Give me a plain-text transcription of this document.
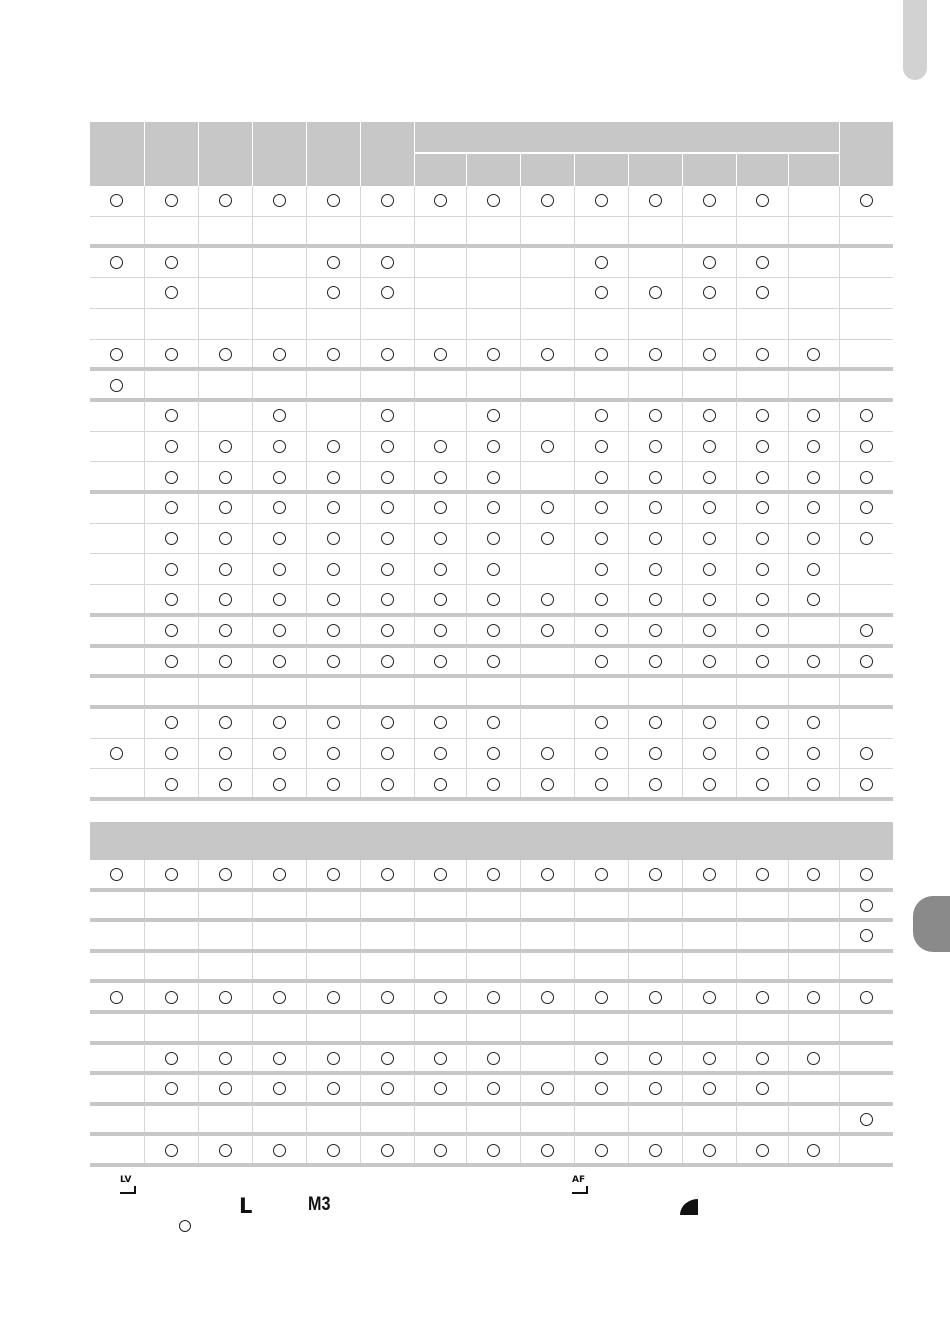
LV
L	M3
AF
